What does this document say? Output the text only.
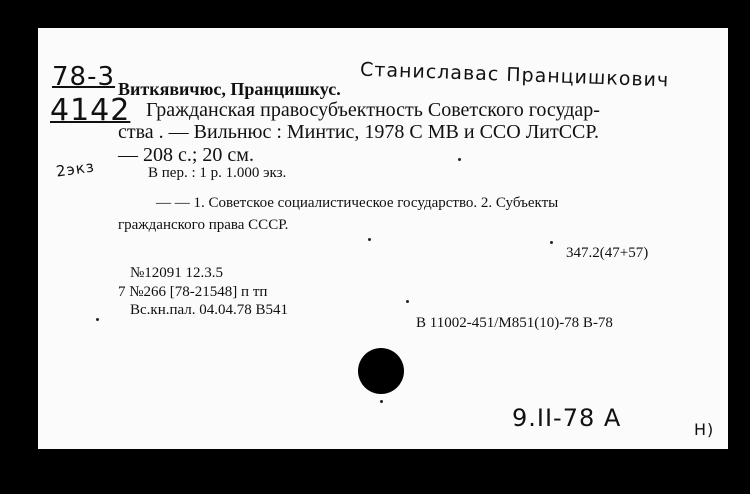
78-3
4142
2экз
Виткявичюс, Пранцишкус. Станиславас Пранцишкович
Гражданская правосубъектность Советского государ-
ства . — Вильнюс : Минтис, 1978 С МВ и ССО ЛитССР.
— 208 с.; 20 см.
В пер. : 1 р. 1.000 экз.
— — 1. Советское социалистическое государство. 2. Субъекты
гражданского права СССР.
347.2(47+57)
№12091 12.3.5
7 №266 [78-21548] п тп
Вс.кн.пал. 04.04.78 B541
В 11002-451/М851(10)-78 B-78
9.II-78 А	Н)
